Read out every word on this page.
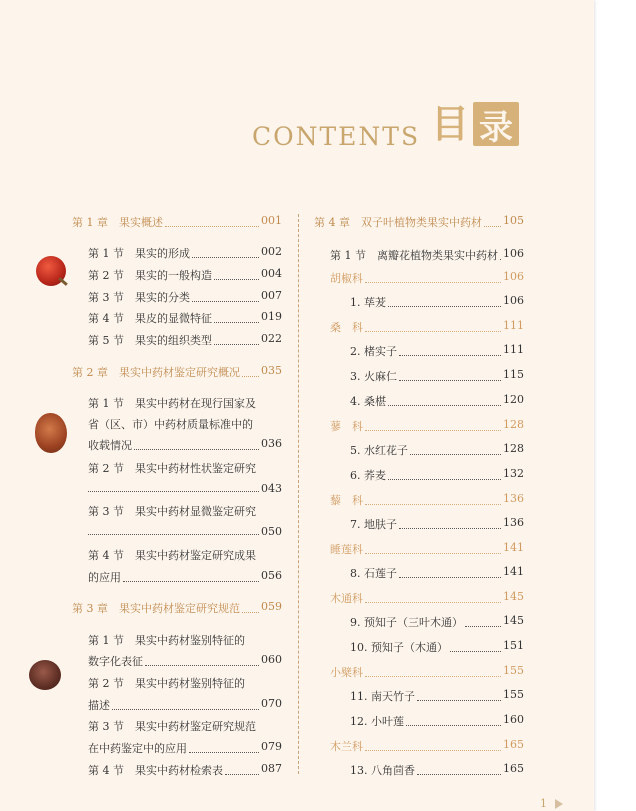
CONTENTS 目 录
第 1 章　果实概述	001
第 1 节　果实的形成	002
第 2 节　果实的一般构造	004
第 3 节　果实的分类	007
第 4 节　果皮的显微特征	019
第 5 节　果实的组织类型	022
第 2 章　果实中药材鉴定研究概况 035
第 1 节　果实中药材在现行国家及
省（区、市）中药材质量标准中的
收载情况	036
第 2 节　果实中药材性状鉴定研究
043
第 3 节　果实中药材显微鉴定研究
050
第 4 节　果实中药材鉴定研究成果
的应用	056
第 3 章　果实中药材鉴定研究规范 059
第 1 节　果实中药材鉴别特征的
数字化表征	060
第 2 节　果实中药材鉴别特征的
描述	070
第 3 节　果实中药材鉴定研究规范
在中药鉴定中的应用	079
第 4 节　果实中药材检索表	087
第 4 章　双子叶植物类果实中药材 105
第 1 节　离瓣花植物类果实中药材 106
1
胡椒科	106
1. 荜茇	106
桑　科	111
2. 楮实子	111
3. 火麻仁	115
4. 桑椹	120
蓼　科	128
5. 水红花子	128
6. 荞麦	132
藜　科	136
7. 地肤子	136
睡莲科	141
8. 石莲子	141
木通科	145
9. 预知子（三叶木通）	145
10. 预知子（木通）	151
小檗科	155
11. 南天竹子	155
12. 小叶莲	160
木兰科	165
13. 八角茴香	165
